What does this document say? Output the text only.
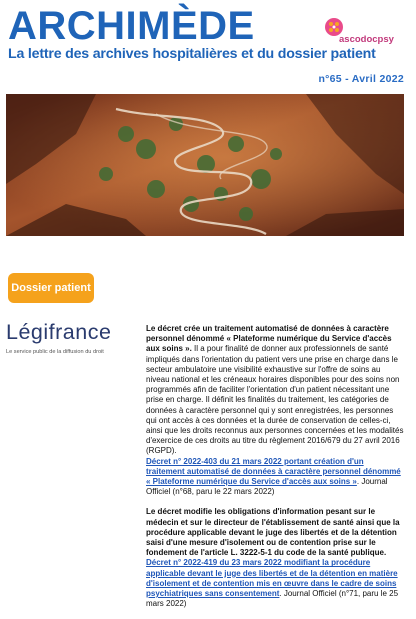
ARCHIMÈDE
La lettre des archives hospitalières et du dossier patient
ascodocpsy
n°65 - Avril 2022
Dossier patient
Légifrance
Le service public de la diffusion du droit

Le décret crée un traitement automatisé de données à caractère personnel dénommé « Plateforme numérique du Service d'accès aux soins ». Il a pour finalité de donner aux professionnels de santé impliqués dans l'orientation du patient vers une prise en charge dans le secteur ambulatoire une visibilité exhaustive sur l'offre de soins au niveau national et les créneaux horaires disponibles pour des soins non programmés afin de faciliter l'orientation d'un patient nécessitant une prise en charge. Il définit les finalités du traitement, les catégories de données à caractère personnel qui y sont enregistrées, les personnes qui ont accès à ces données et la durée de conservation de celles-ci, ainsi que les droits reconnus aux personnes concernées et les modalités d'exercice de ces droits au titre du règlement 2016/679 du 27 avril 2016 (RGPD).
Décret n° 2022-403 du 21 mars 2022 portant création d'un traitement automatisé de données à caractère personnel dénommé « Plateforme numérique du Service d'accès aux soins ». Journal Officiel (n°68, paru le 22 mars 2022)

Le décret modifie les obligations d'information pesant sur le médecin et sur le directeur de l'établissement de santé ainsi que la procédure applicable devant le juge des libertés et de la détention saisi d'une mesure d'isolement ou de contention prise sur le fondement de l'article L. 3222-5-1 du code de la santé publique.
Décret n° 2022-419 du 23 mars 2022 modifiant la procédure applicable devant le juge des libertés et de la détention en matière d'isolement et de contention mis en œuvre dans le cadre de soins psychiatriques sans consentement. Journal Officiel (n°71, paru le 25 mars 2022)
